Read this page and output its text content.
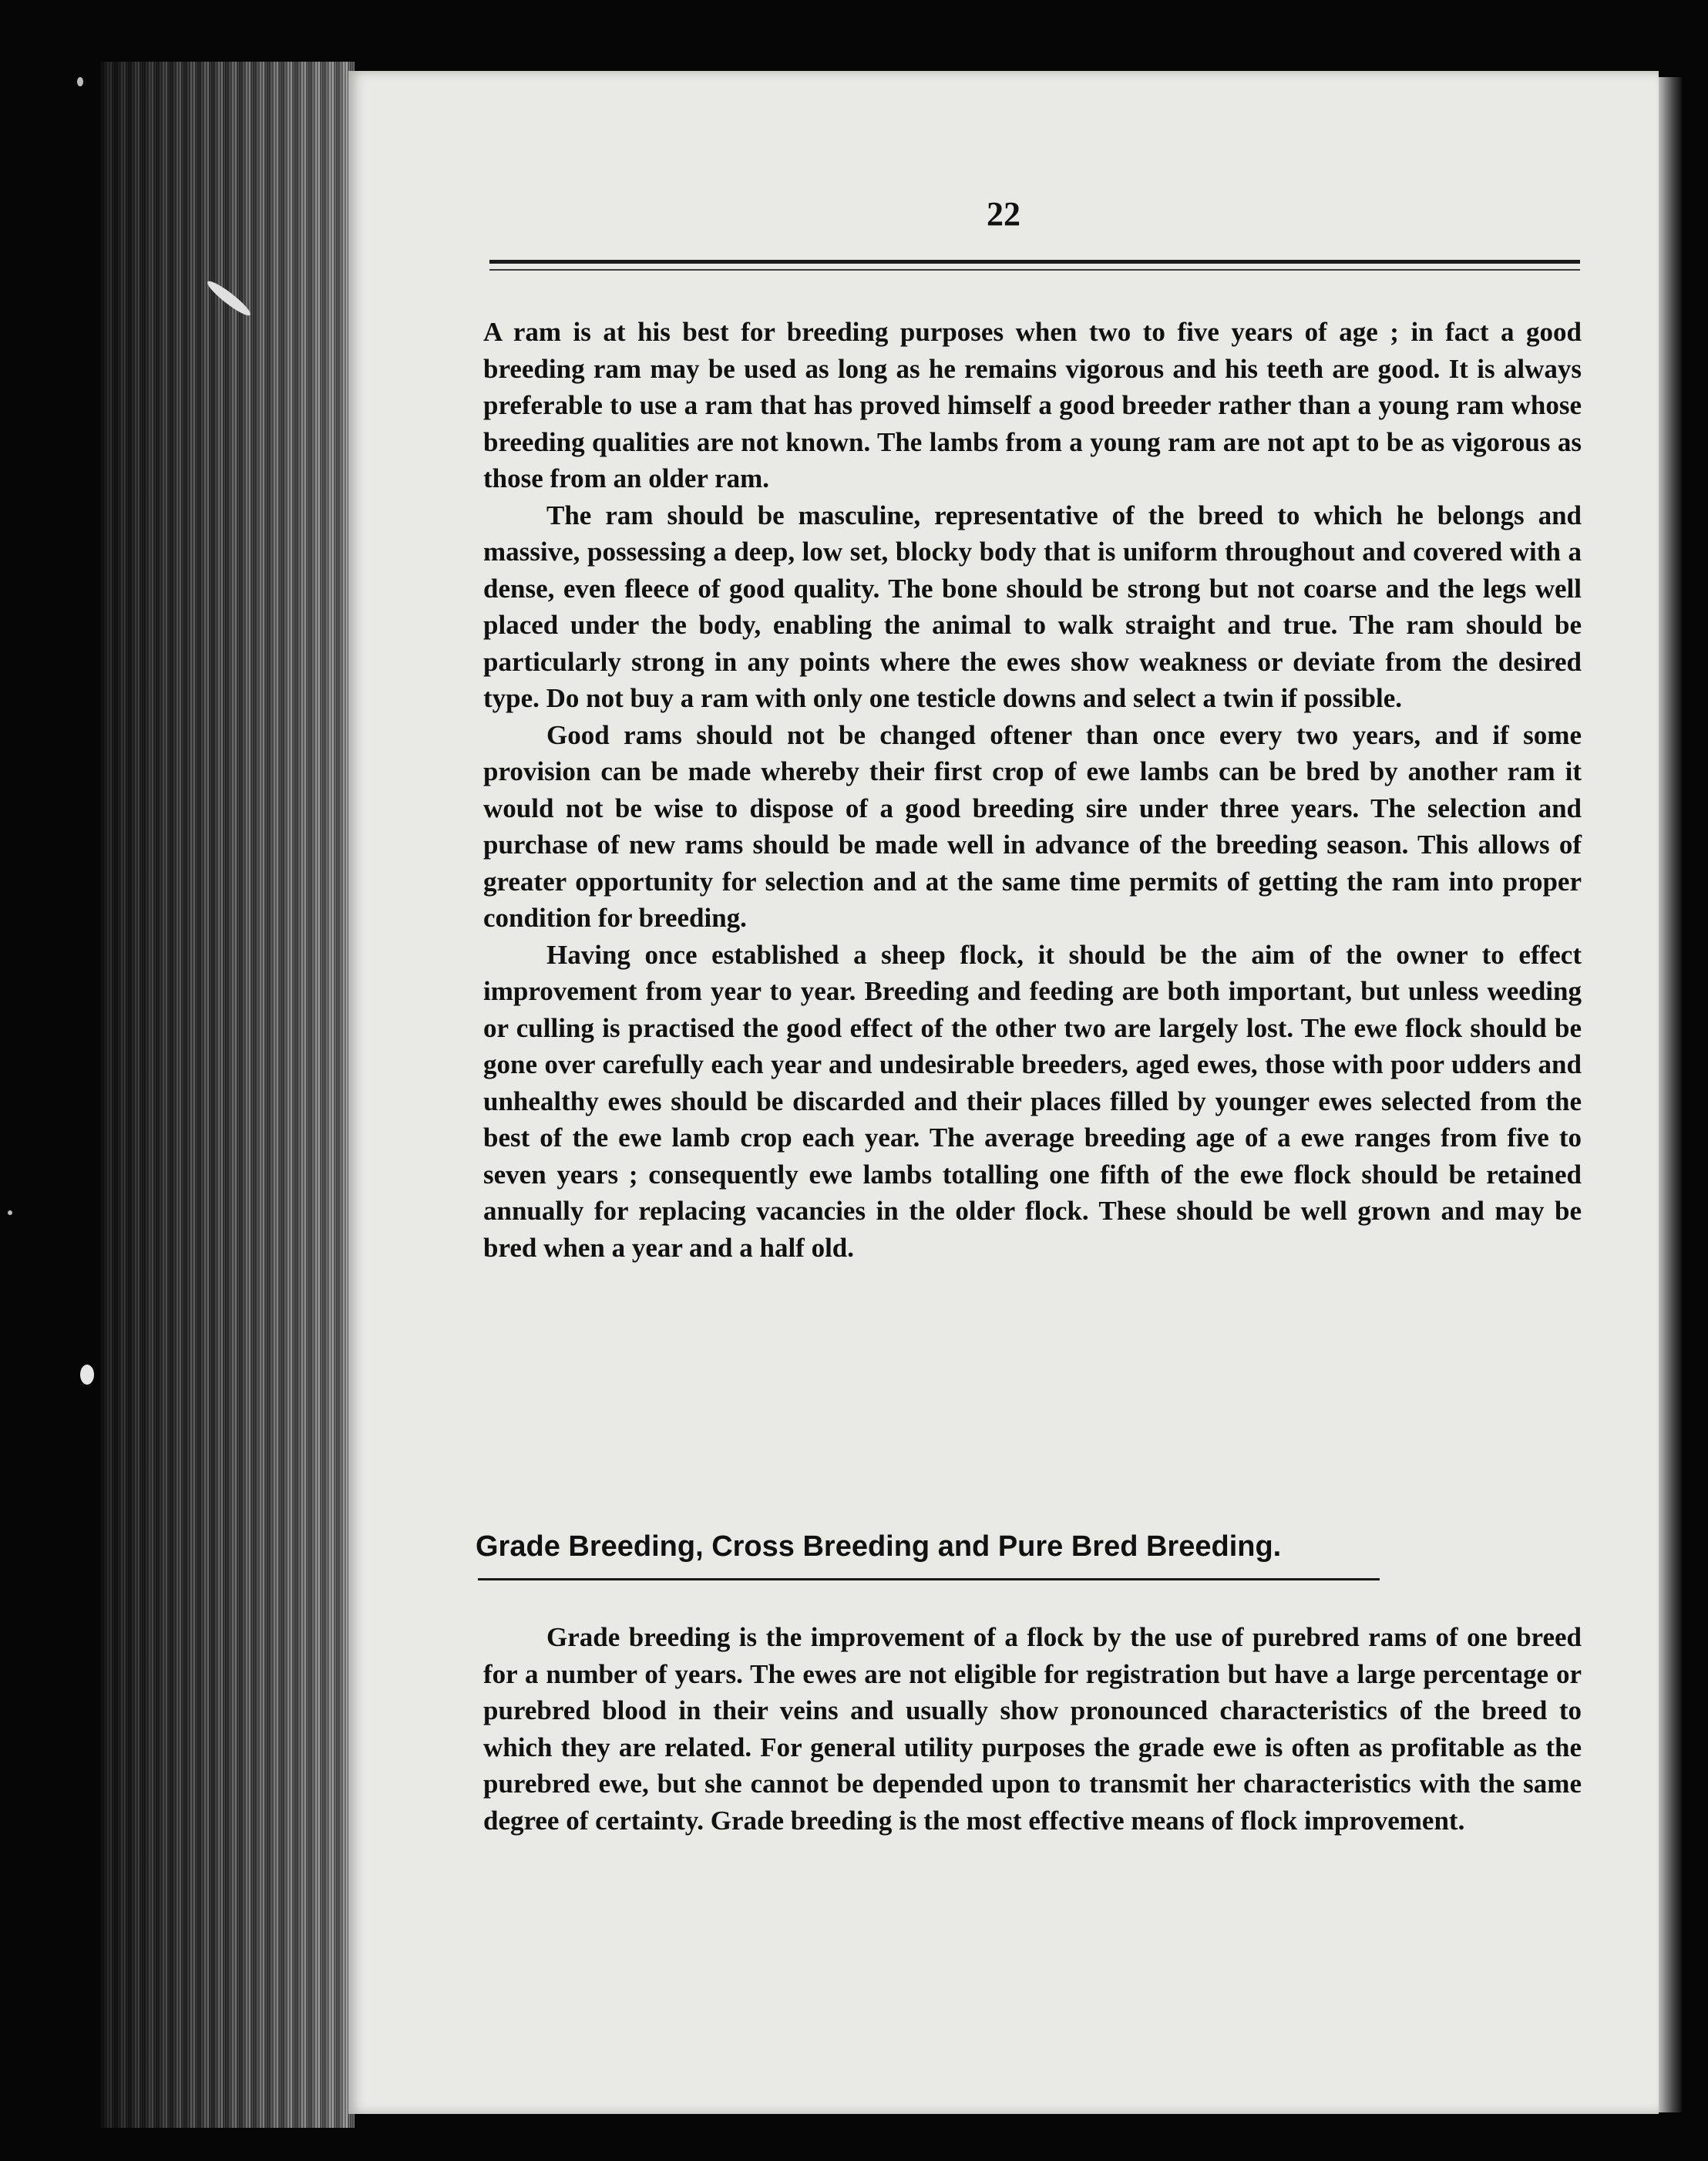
22

A ram is at his best for breeding purposes when two to five years of age ; in fact a good breeding ram may be used as long as he remains vigorous and his teeth are good. It is always preferable to use a ram that has proved himself a good breeder rather than a young ram whose breeding qualities are not known. The lambs from a young ram are not apt to be as vigorous as those from an older ram.

The ram should be masculine, representative of the breed to which he belongs and massive, possessing a deep, low set, blocky body that is uniform throughout and covered with a dense, even fleece of good quality. The bone should be strong but not coarse and the legs well placed under the body, enabling the animal to walk straight and true. The ram should be particularly strong in any points where the ewes show weakness or deviate from the desired type. Do not buy a ram with only one testicle downs and select a twin if possible.

Good rams should not be changed oftener than once every two years, and if some provision can be made whereby their first crop of ewe lambs can be bred by another ram it would not be wise to dispose of a good breeding sire under three years. The selection and purchase of new rams should be made well in advance of the breeding season. This allows of greater opportunity for selection and at the same time permits of getting the ram into proper condition for breeding.

Having once established a sheep flock, it should be the aim of the owner to effect improvement from year to year. Breeding and feeding are both important, but unless weeding or culling is practised the good effect of the other two are largely lost. The ewe flock should be gone over carefully each year and undesirable breeders, aged ewes, those with poor udders and unhealthy ewes should be discarded and their places filled by younger ewes selected from the best of the ewe lamb crop each year. The average breeding age of a ewe ranges from five to seven years ; consequently ewe lambs totalling one fifth of the ewe flock should be retained annually for replacing vacancies in the older flock. These should be well grown and may be bred when a year and a half old.

Grade Breeding, Cross Breeding and Pure Bred Breeding.

Grade breeding is the improvement of a flock by the use of purebred rams of one breed for a number of years. The ewes are not eligible for registration but have a large percentage or purebred blood in their veins and usually show pronounced characteristics of the breed to which they are related. For general utility purposes the grade ewe is often as profitable as the purebred ewe, but she cannot be depended upon to transmit her characteristics with the same degree of certainty. Grade breeding is the most effective means of flock improvement.
